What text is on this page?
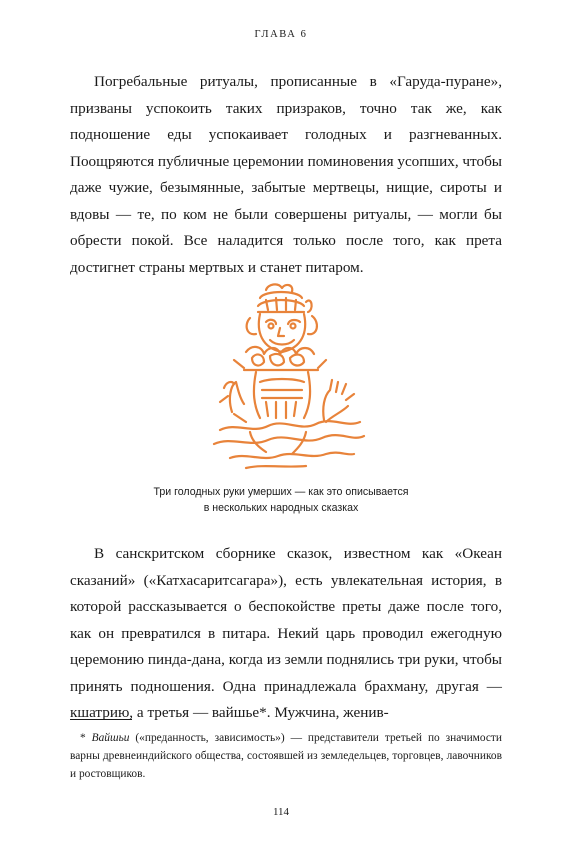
ГЛАВА 6

Погребальные ритуалы, прописанные в «Гаруда-пуране», призваны успокоить таких призраков, точно так же, как подношение еды успокаивает голодных и разгневанных. Поощряются публичные церемонии поминовения усопших, чтобы даже чужие, безымянные, забытые мертвецы, нищие, сироты и вдовы — те, по ком не были совершены ритуалы, — могли бы обрести покой. Все наладится только после того, как прета достигнет страны мертвых и станет питаром.

Три голодных руки умерших — как это описывается
в нескольких народных сказках

В санскритском сборнике сказок, известном как «Океан сказаний» («Катхасаритсагара»), есть увлекательная история, в которой рассказывается о беспокойстве преты даже после того, как он превратился в питара. Некий царь проводил ежегодную церемонию пинда-дана, когда из земли поднялись три руки, чтобы принять подношения. Одна принадлежала брахману, другая — кшатрию, а третья — вайшье*. Мужчина, женив-

* Вайшьи («преданность, зависимость») — представители третьей по значимости варны древнеиндийского общества, состоявшей из земледельцев, торговцев, лавочников и ростовщиков.

114
